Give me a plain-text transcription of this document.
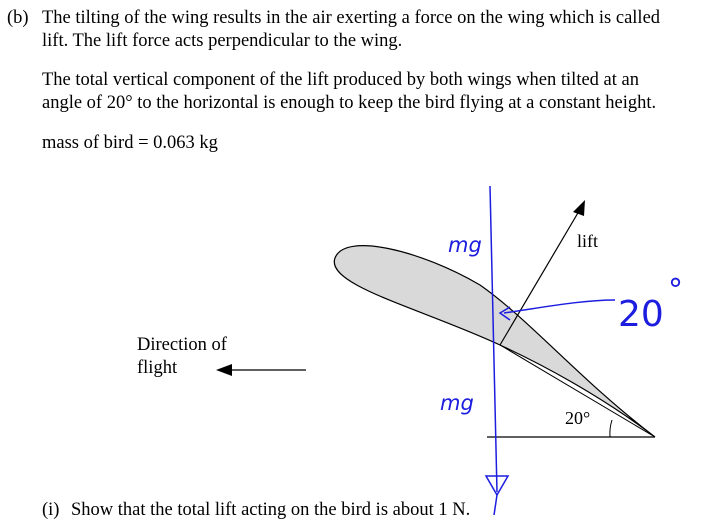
lift
20°
mg
mg
20
°

(b) The tilting of the wing results in the air exerting a force on the wing which is called

lift. The lift force acts perpendicular to the wing.

The total vertical component of the lift produced by both wings when tilted at an

angle of 20° to the horizontal is enough to keep the bird flying at a constant height.

mass of bird = 0.063 kg

Direction of

flight

(i) Show that the total lift acting on the bird is about 1 N.
